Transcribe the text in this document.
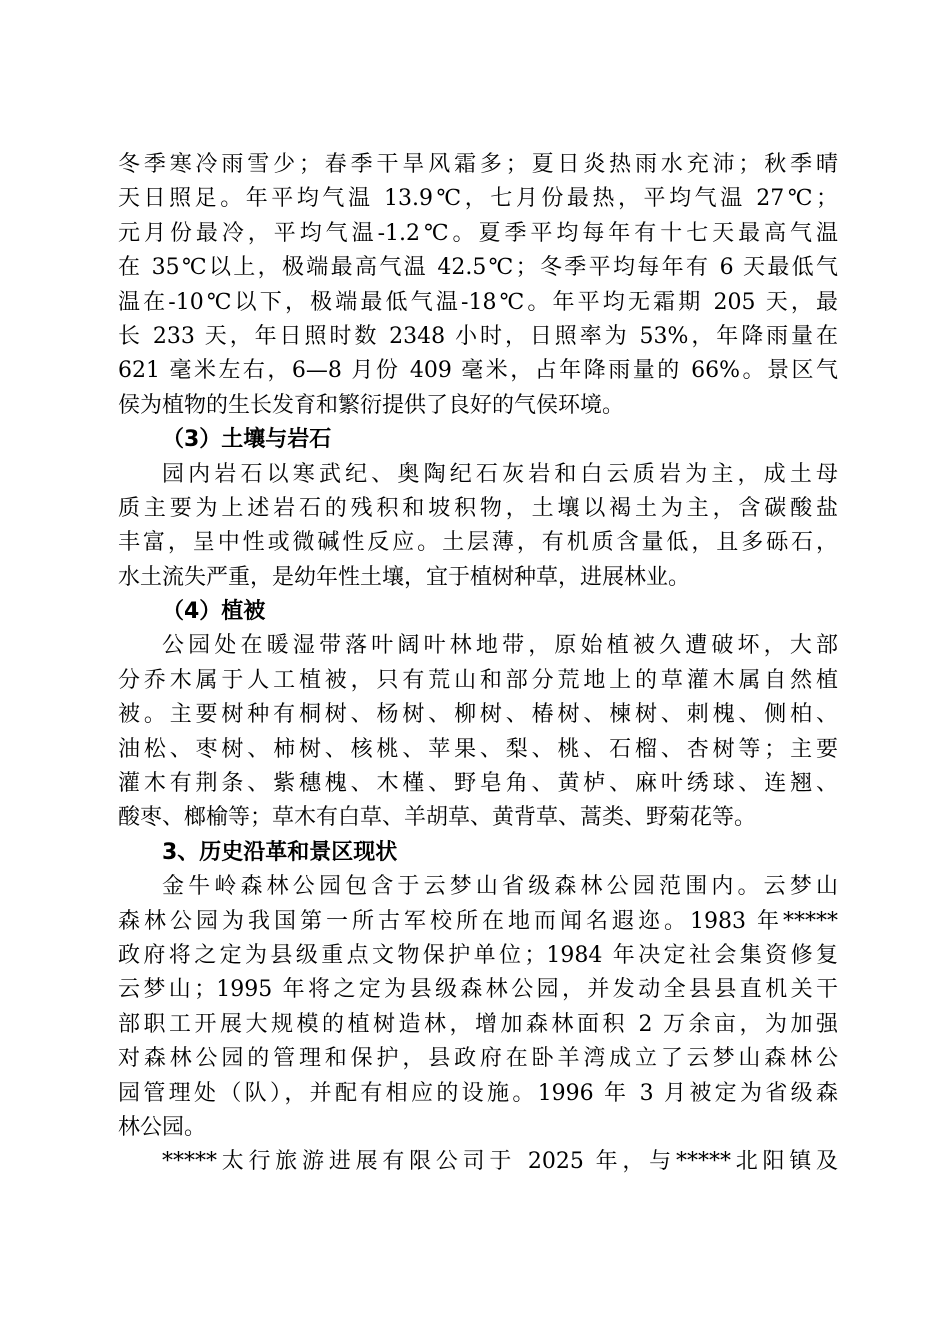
冬季寒冷雨雪少；春季干旱风霜多；夏日炎热雨水充沛；秋季晴
天日照足。年平均气温 13.9℃，七月份最热，平均气温 27℃；
元月份最冷，平均气温-1.2℃。夏季平均每年有十七天最高气温
在 35℃以上，极端最高气温 42.5℃；冬季平均每年有 6 天最低气
温在-10℃以下，极端最低气温-18℃。年平均无霜期 205 天，最
长 233 天，年日照时数 2348 小时，日照率为 53%，年降雨量在
621 毫米左右，6—8 月份 409 毫米，占年降雨量的 66%。景区气
侯为植物的生长发育和繁衍提供了良好的气侯环境。
（3）土壤与岩石
园内岩石以寒武纪、奥陶纪石灰岩和白云质岩为主，成土母
质主要为上述岩石的残积和坡积物，土壤以褐土为主，含碳酸盐
丰富，呈中性或微碱性反应。土层薄，有机质含量低，且多砾石，
水土流失严重，是幼年性土壤，宜于植树种草，进展林业。
（4）植被
公园处在暖湿带落叶阔叶林地带，原始植被久遭破坏，大部
分乔木属于人工植被，只有荒山和部分荒地上的草灌木属自然植
被。主要树种有桐树、杨树、柳树、椿树、楝树、刺槐、侧柏、
油松、枣树、柿树、核桃、苹果、梨、桃、石榴、杏树等；主要
灌木有荆条、紫穗槐、木槿、野皂角、黄栌、麻叶绣球、连翘、
酸枣、榔榆等；草木有白草、羊胡草、黄背草、蒿类、野菊花等。
3、历史沿革和景区现状
金牛岭森林公园包含于云梦山省级森林公园范围内。云梦山
森林公园为我国第一所古军校所在地而闻名遐迩。1983 年*****
政府将之定为县级重点文物保护单位；1984 年决定社会集资修复
云梦山；1995 年将之定为县级森林公园，并发动全县县直机关干
部职工开展大规模的植树造林，增加森林面积 2 万余亩，为加强
对森林公园的管理和保护，县政府在卧羊湾成立了云梦山森林公
园管理处（队），并配有相应的设施。1996 年 3 月被定为省级森
林公园。
*****太行旅游进展有限公司于 2025 年，与*****北阳镇及
